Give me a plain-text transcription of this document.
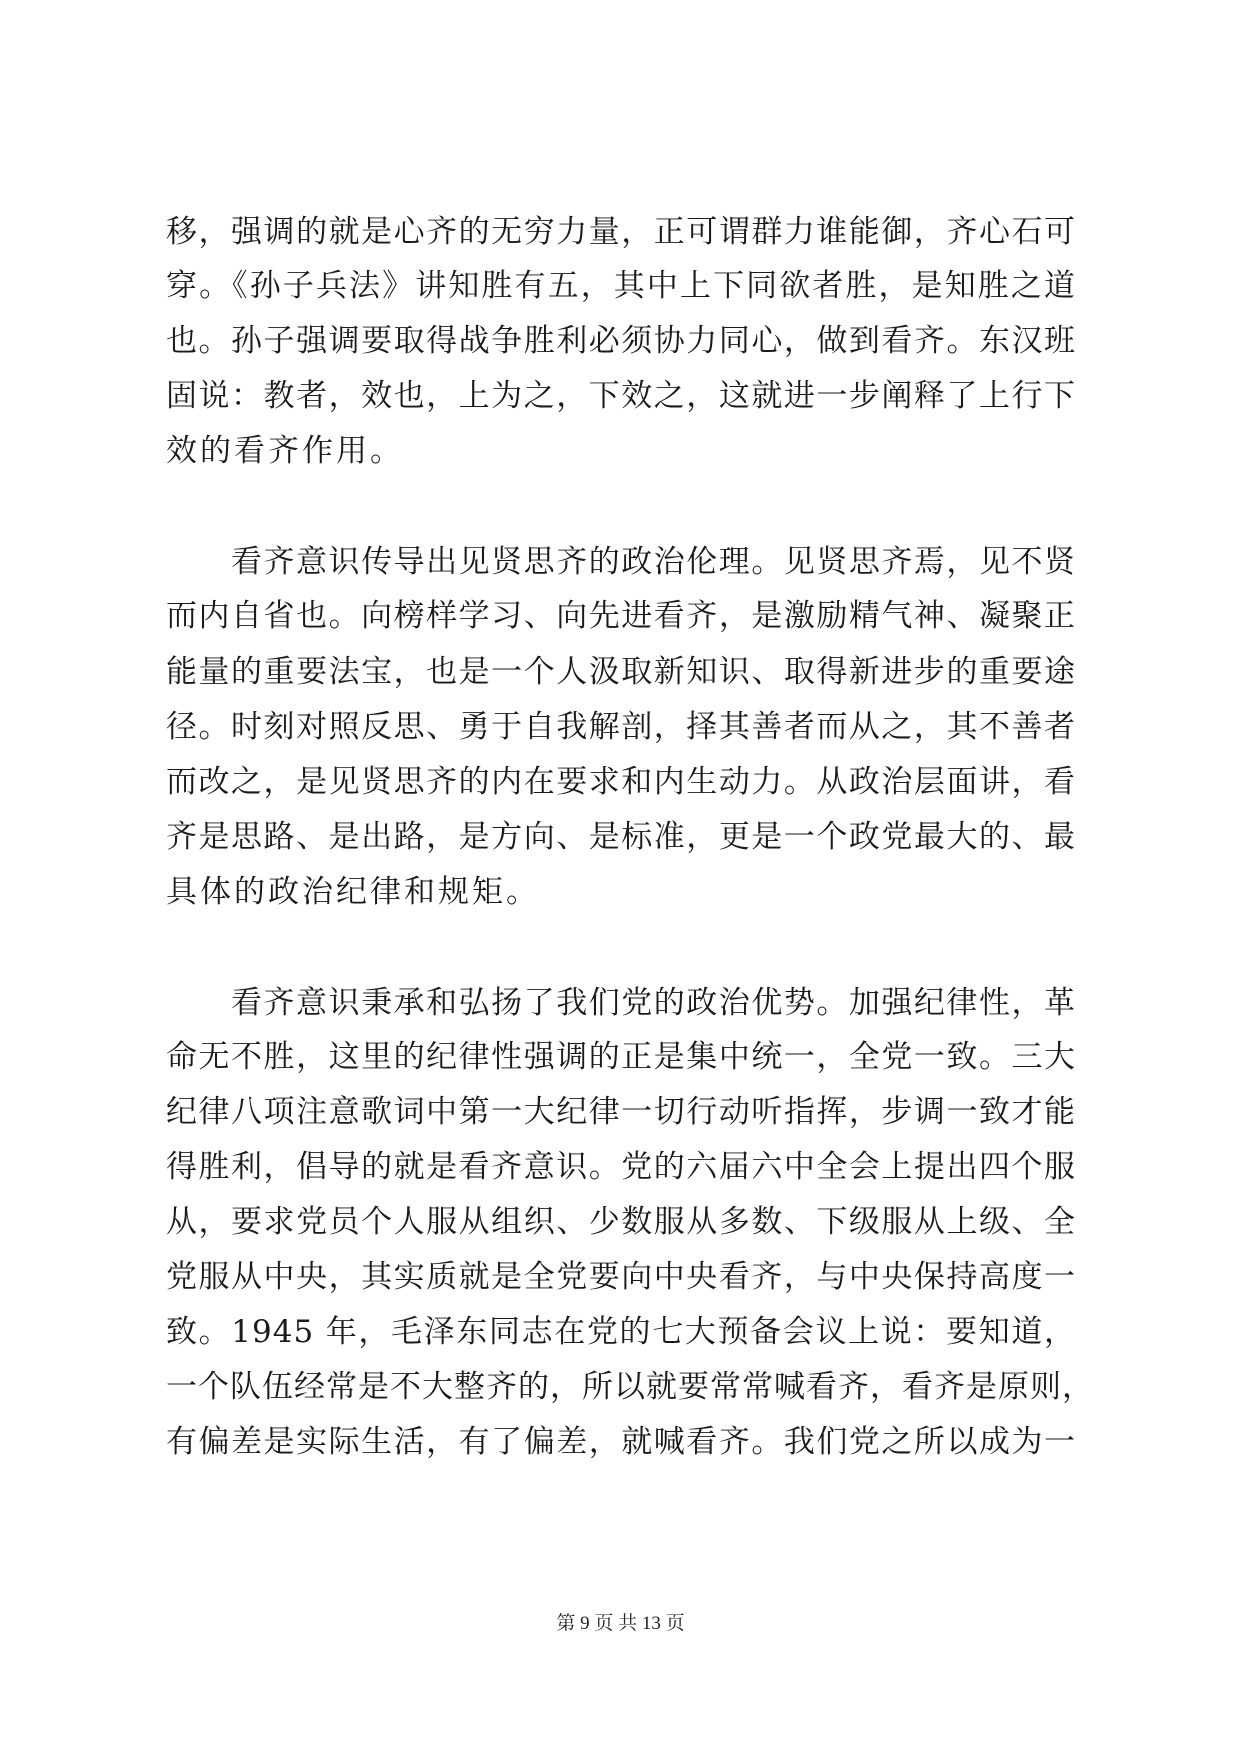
移，强调的就是心齐的无穷力量，正可谓群力谁能御，齐心石可
穿。《孙子兵法》讲知胜有五，其中上下同欲者胜，是知胜之道
也。孙子强调要取得战争胜利必须协力同心，做到看齐。东汉班
固说：教者，效也，上为之，下效之，这就进一步阐释了上行下
效的看齐作用。
看齐意识传导出见贤思齐的政治伦理。见贤思齐焉，见不贤
而内自省也。向榜样学习、向先进看齐，是激励精气神、凝聚正
能量的重要法宝，也是一个人汲取新知识、取得新进步的重要途
径。时刻对照反思、勇于自我解剖，择其善者而从之，其不善者
而改之，是见贤思齐的内在要求和内生动力。从政治层面讲，看
齐是思路、是出路，是方向、是标准，更是一个政党最大的、最
具体的政治纪律和规矩。
看齐意识秉承和弘扬了我们党的政治优势。加强纪律性，革
命无不胜，这里的纪律性强调的正是集中统一，全党一致。三大
纪律八项注意歌词中第一大纪律一切行动听指挥，步调一致才能
得胜利，倡导的就是看齐意识。党的六届六中全会上提出四个服
从，要求党员个人服从组织、少数服从多数、下级服从上级、全
党服从中央，其实质就是全党要向中央看齐，与中央保持高度一
致。1945 年，毛泽东同志在党的七大预备会议上说：要知道，
一个队伍经常是不大整齐的，所以就要常常喊看齐，看齐是原则，
有偏差是实际生活，有了偏差，就喊看齐。我们党之所以成为一
第 9 页 共 13 页
